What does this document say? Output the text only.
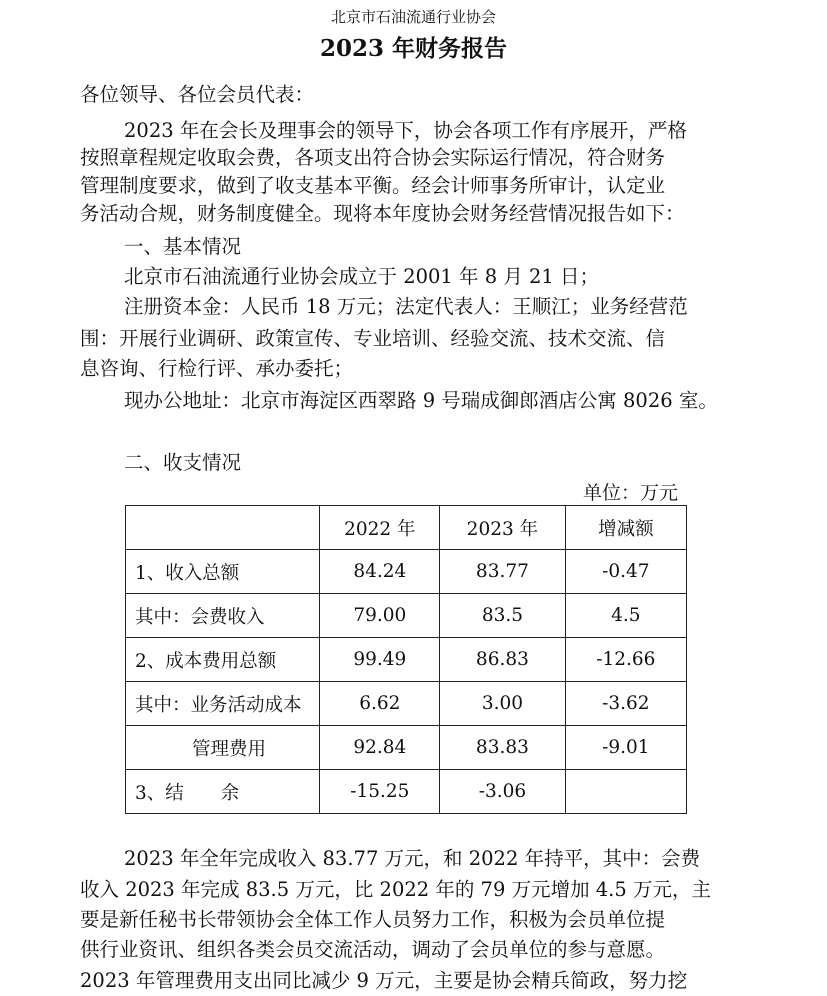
北京市石油流通行业协会
2023 年财务报告
各位领导、各位会员代表：
2023 年在会长及理事会的领导下，协会各项工作有序展开，严格
按照章程规定收取会费，各项支出符合协会实际运行情况，符合财务
管理制度要求，做到了收支基本平衡。经会计师事务所审计，认定业
务活动合规，财务制度健全。现将本年度协会财务经营情况报告如下：
一、基本情况
北京市石油流通行业协会成立于 2001 年 8 月 21 日；
注册资本金：人民币 18 万元；法定代表人：王顺江；业务经营范
围：开展行业调研、政策宣传、专业培训、经验交流、技术交流、信
息咨询、行检行评、承办委托；
现办公地址：北京市海淀区西翠路 9 号瑞成御郎酒店公寓 8026 室。
二、收支情况
单位：万元
	2022 年	2023 年	增减额
1、收入总额	84.24	83.77	-0.47
其中：会费收入	79.00	83.5	4.5
2、成本费用总额	99.49	86.83	-12.66
其中：业务活动成本	6.62	3.00	-3.62
管理费用	92.84	83.83	-9.01
3、结　　余	-15.25	-3.06	
2023 年全年完成收入 83.77 万元，和 2022 年持平，其中：会费
收入 2023 年完成 83.5 万元，比 2022 年的 79 万元增加 4.5 万元，主
要是新任秘书长带领协会全体工作人员努力工作，积极为会员单位提
供行业资讯、组织各类会员交流活动，调动了会员单位的参与意愿。
2023 年管理费用支出同比减少 9 万元，主要是协会精兵简政，努力挖
